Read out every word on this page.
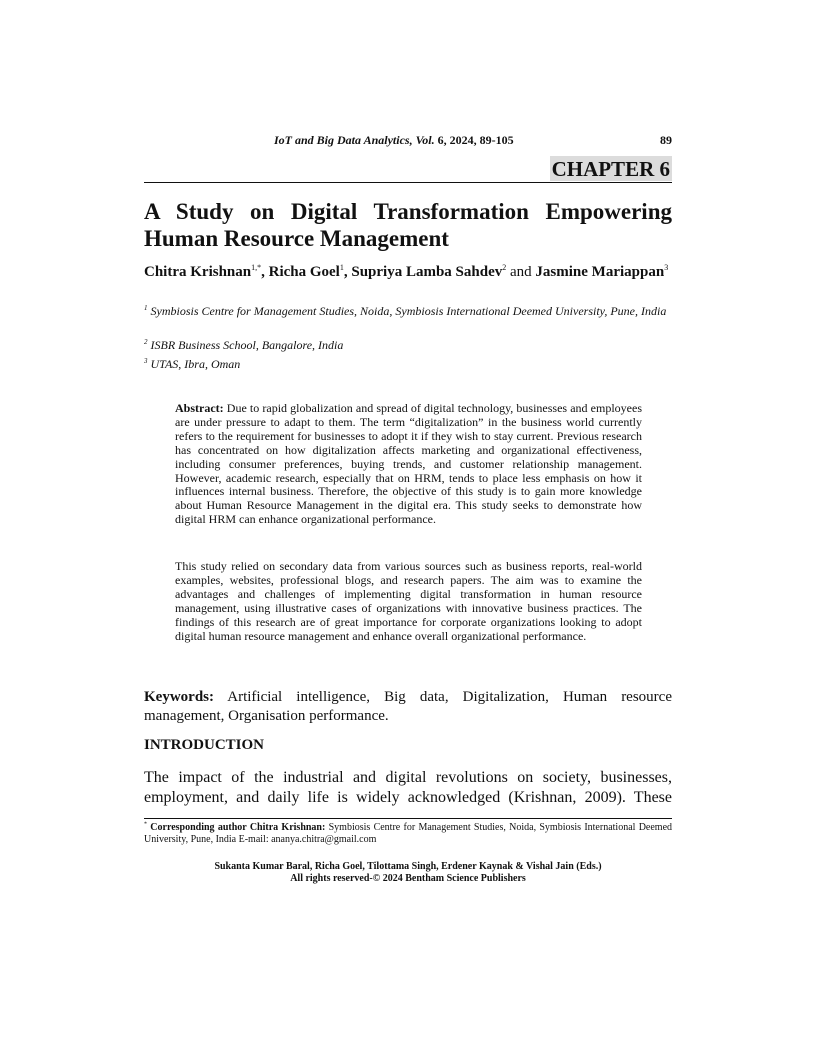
IoT and Big Data Analytics, Vol. 6, 2024, 89-105	89
CHAPTER 6
A Study on Digital Transformation Empowering Human Resource Management
Chitra Krishnan$^{1,*}$, Richa Goel$^1$, Supriya Lamba Sahdev$^2$ and Jasmine Mariappan$^3$
$^1$ Symbiosis Centre for Management Studies, Noida, Symbiosis International Deemed University, Pune, India
$^2$ ISBR Business School, Bangalore, India
$^3$ UTAS, Ibra, Oman

Abstract: Due to rapid globalization and spread of digital technology, businesses and employees are under pressure to adapt to them. The term “digitalization” in the business world currently refers to the requirement for businesses to adopt it if they wish to stay current. Previous research has concentrated on how digitalization affects marketing and organizational effectiveness, including consumer preferences, buying trends, and customer relationship management. However, academic research, especially that on HRM, tends to place less emphasis on how it influences internal business. Therefore, the objective of this study is to gain more knowledge about Human Resource Management in the digital era. This study seeks to demonstrate how digital HRM can enhance organizational performance.

This study relied on secondary data from various sources such as business reports, real-world examples, websites, professional blogs, and research papers. The aim was to examine the advantages and challenges of implementing digital transformation in human resource management, using illustrative cases of organizations with innovative business practices. The findings of this research are of great importance for corporate organizations looking to adopt digital human resource management and enhance overall organizational performance.

Keywords: Artificial intelligence, Big data, Digitalization, Human resource management, Organisation performance.
INTRODUCTION
The impact of the industrial and digital revolutions on society, businesses, employment, and daily life is widely acknowledged (Krishnan, 2009). These
* Corresponding author Chitra Krishnan: Symbiosis Centre for Management Studies, Noida, Symbiosis International Deemed University, Pune, India E-mail: ananya.chitra@gmail.com
Sukanta Kumar Baral, Richa Goel, Tilottama Singh, Erdener Kaynak & Vishal Jain (Eds.)
All rights reserved-© 2024 Bentham Science Publishers
